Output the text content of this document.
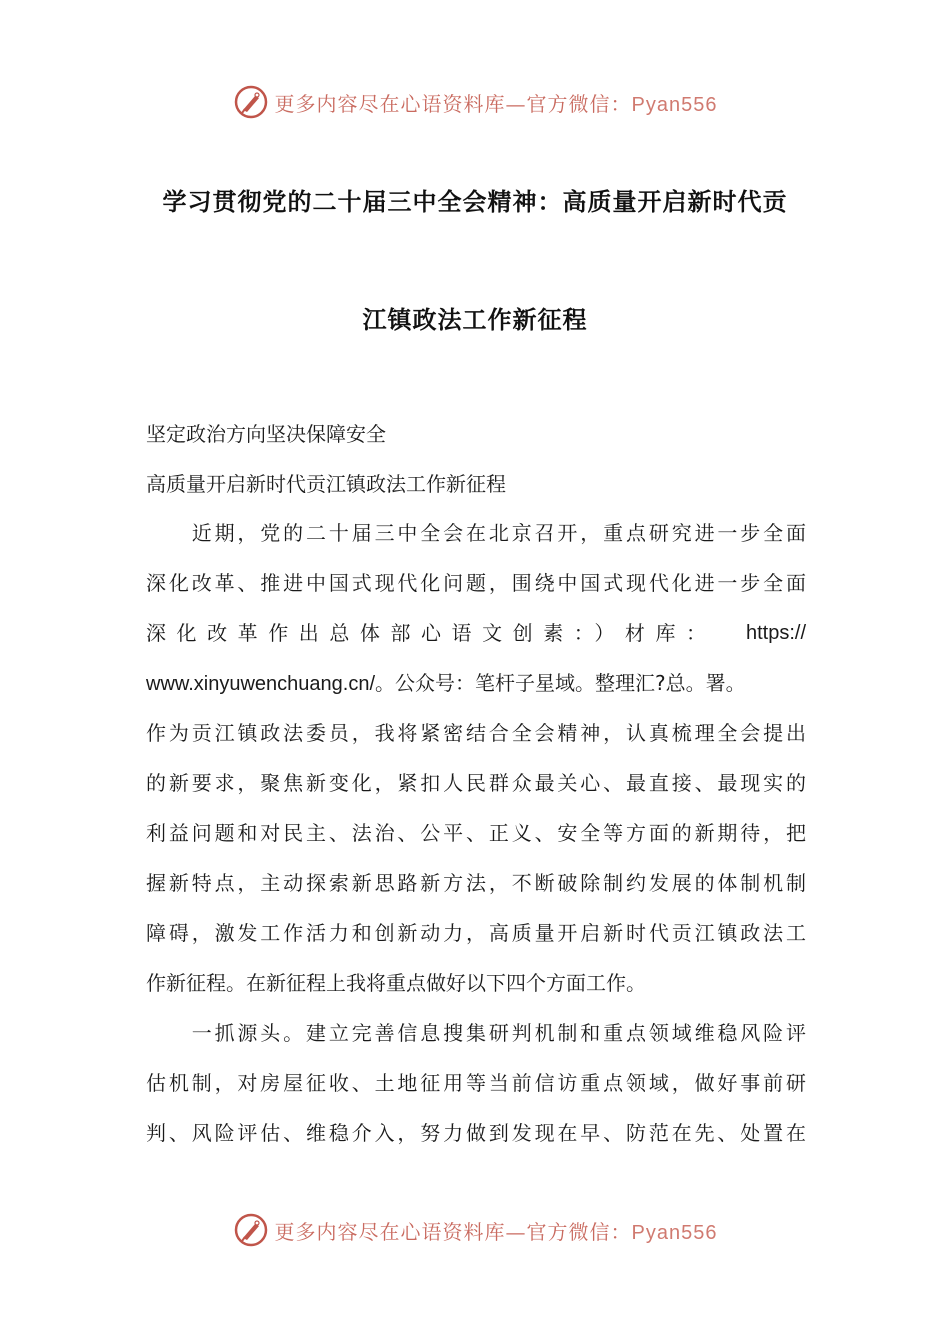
更多内容尽在心语资料库—官方微信：Pyan556
学习贯彻党的二十届三中全会精神：高质量开启新时代贡
江镇政法工作新征程
坚定政治方向坚决保障安全
高质量开启新时代贡江镇政法工作新征程
　　近期，党的二十届三中全会在北京召开，重点研究进一步全面
深化改革、推进中国式现代化问题，围绕中国式现代化进一步全面
深化改革作出总体部心语文创素：）材库： https://
www.xinyuwenchuang.cn/。公众号：笔杆子星域。整理汇?总。署。
作为贡江镇政法委员，我将紧密结合全会精神，认真梳理全会提出
的新要求，聚焦新变化，紧扣人民群众最关心、最直接、最现实的
利益问题和对民主、法治、公平、正义、安全等方面的新期待，把
握新特点，主动探索新思路新方法，不断破除制约发展的体制机制
障碍，激发工作活力和创新动力，高质量开启新时代贡江镇政法工
作新征程。在新征程上我将重点做好以下四个方面工作。
　　一抓源头。建立完善信息搜集研判机制和重点领域维稳风险评
估机制，对房屋征收、土地征用等当前信访重点领域，做好事前研
判、风险评估、维稳介入，努力做到发现在早、防范在先、处置在
更多内容尽在心语资料库—官方微信：Pyan556
